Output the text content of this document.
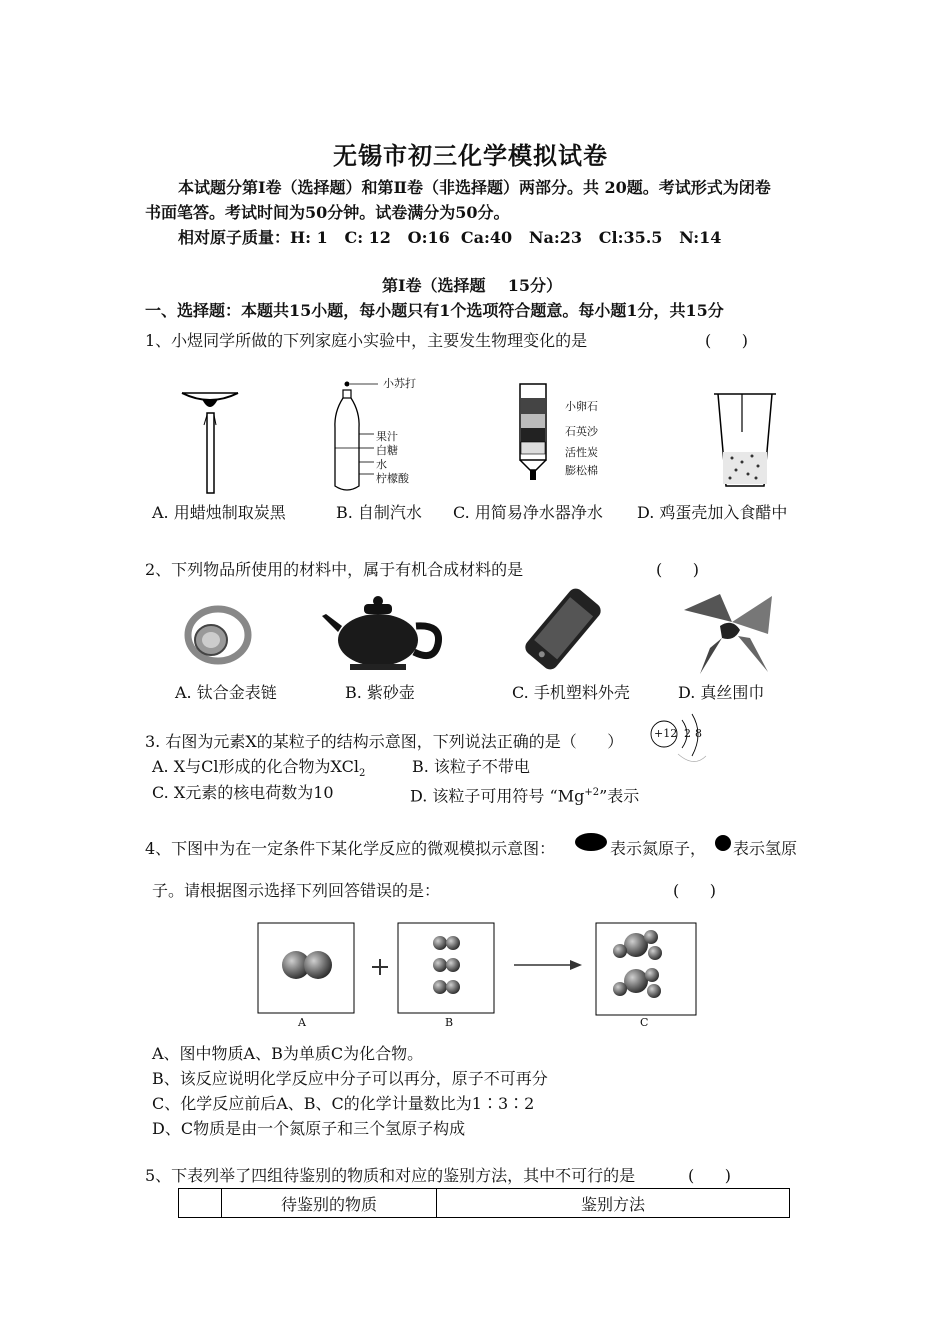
无锡市初三化学模拟试卷
本试题分第Ⅰ卷（选择题）和第Ⅱ卷（非选择题）两部分。共 20题。考试形式为闭卷
书面笔答。考试时间为50分钟。试卷满分为50分。
相对原子质量：H: 1   C: 12   O:16  Ca:40   Na:23   Cl:35.5   N:14
第Ⅰ卷（选择题    15分）
一、选择题：本题共15小题，每小题只有1个选项符合题意。每小题1分，共15分
1、小煜同学所做的下列家庭小实验中，主要发生物理变化的是	(      )
小苏打
果汁
白糖
水
柠檬酸
小卵石
石英沙
活性炭
膨松棉
A. 用蜡烛制取炭黑	B. 自制汽水 C. 用简易净水器净水 D. 鸡蛋壳加入食醋中
2、下列物品所使用的材料中，属于有机合成材料的是	(      )
A. 钛合金表链	B. 紫砂壶	C. 手机塑料外壳	D. 真丝围巾
3. 右图为元素X的某粒子的结构示意图，下列说法正确的是（      ）	+12 2 8
A. X与Cl形成的化合物为XCl$_2$	B. 该粒子不带电
C. X元素的核电荷数为10	D. 该粒子可用符号 “$Mg^{+2}$”表示
4、下图中为在一定条件下某化学反应的微观模拟示意图：	表示氮原子， 表示氢原
子。请根据图示选择下列回答错误的是：	(      )
A	B	C
A、图中物质A、B为单质C为化合物。
B、该反应说明化学反应中分子可以再分，原子不可再分
C、化学反应前后A、B、C的化学计量数比为1∶3∶2
D、C物质是由一个氮原子和三个氢原子构成
5、下表列举了四组待鉴别的物质和对应的鉴别方法，其中不可行的是	(      )
	待鉴别的物质	鉴别方法
